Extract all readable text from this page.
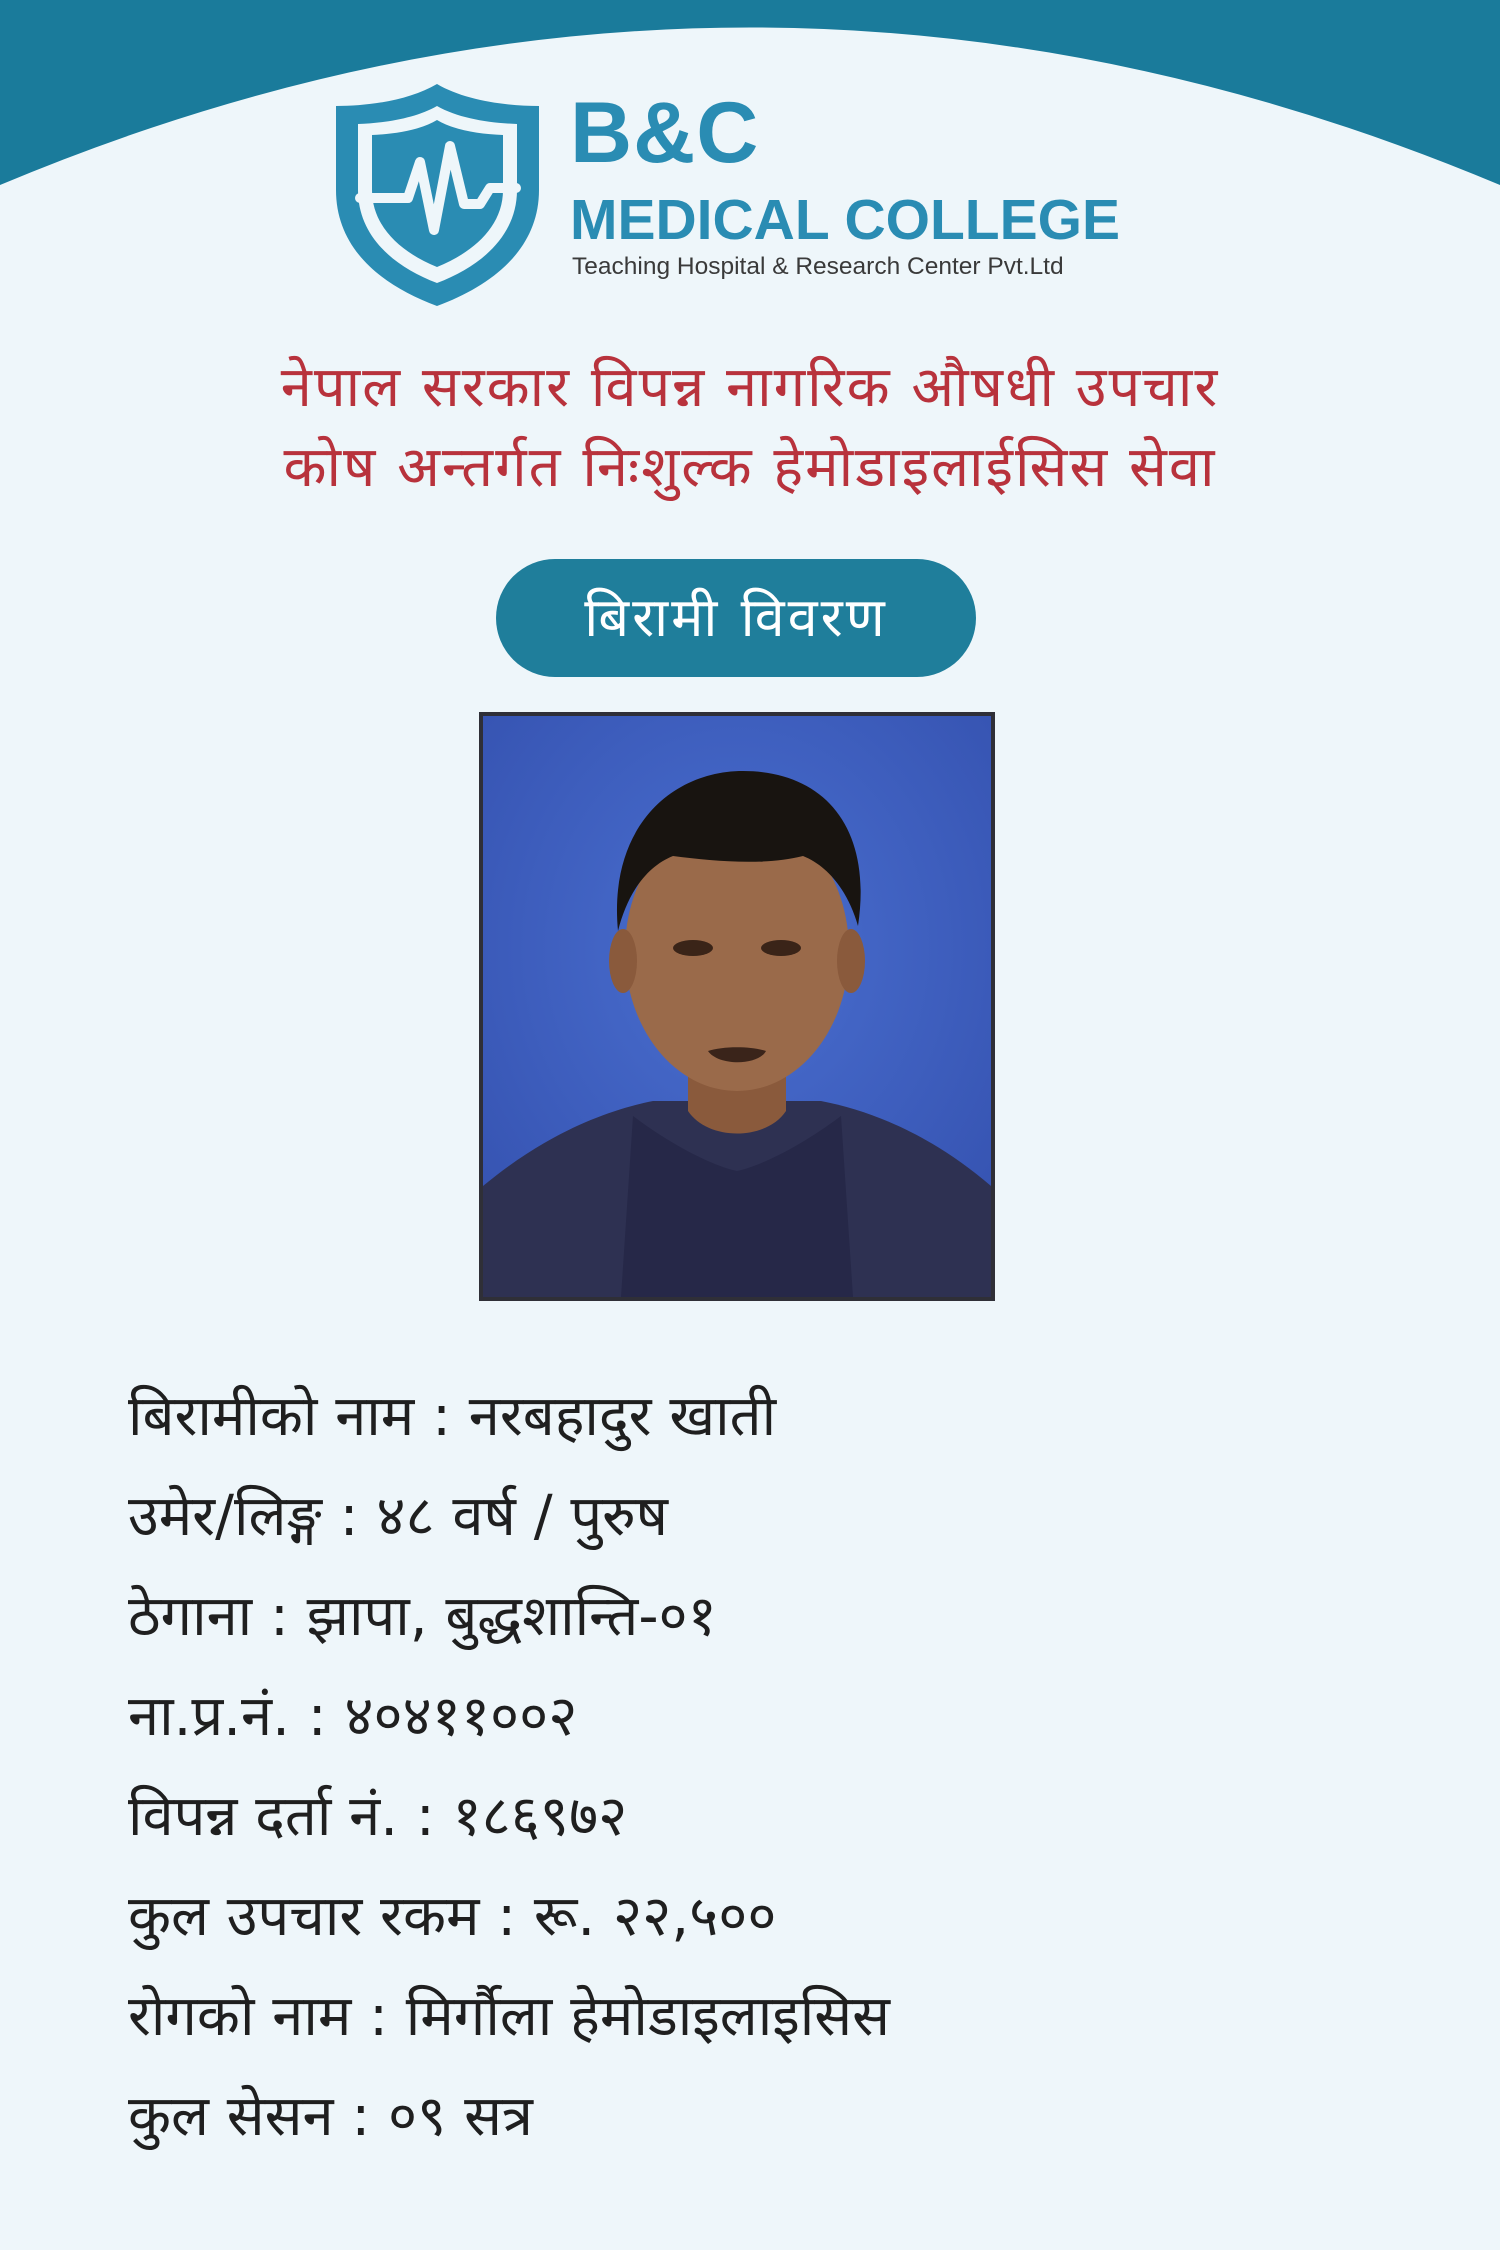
B&C
MEDICAL COLLEGE
Teaching Hospital & Research Center Pvt.Ltd
नेपाल सरकार विपन्न नागरिक औषधी उपचार
कोष अन्तर्गत निःशुल्क हेमोडाइलाईसिस सेवा
बिरामी विवरण
बिरामीको नाम : नरबहादुर खाती
उमेर/लिङ्ग : ४८ वर्ष / पुरुष
ठेगाना : झापा, बुद्धशान्ति-०१
ना.प्र.नं. : ४०४११००२
विपन्न दर्ता नं. : १८६९७२
कुल उपचार रकम : रू. २२,५००
रोगको नाम : मिर्गौला हेमोडाइलाइसिस
कुल सेसन : ०९ सत्र
